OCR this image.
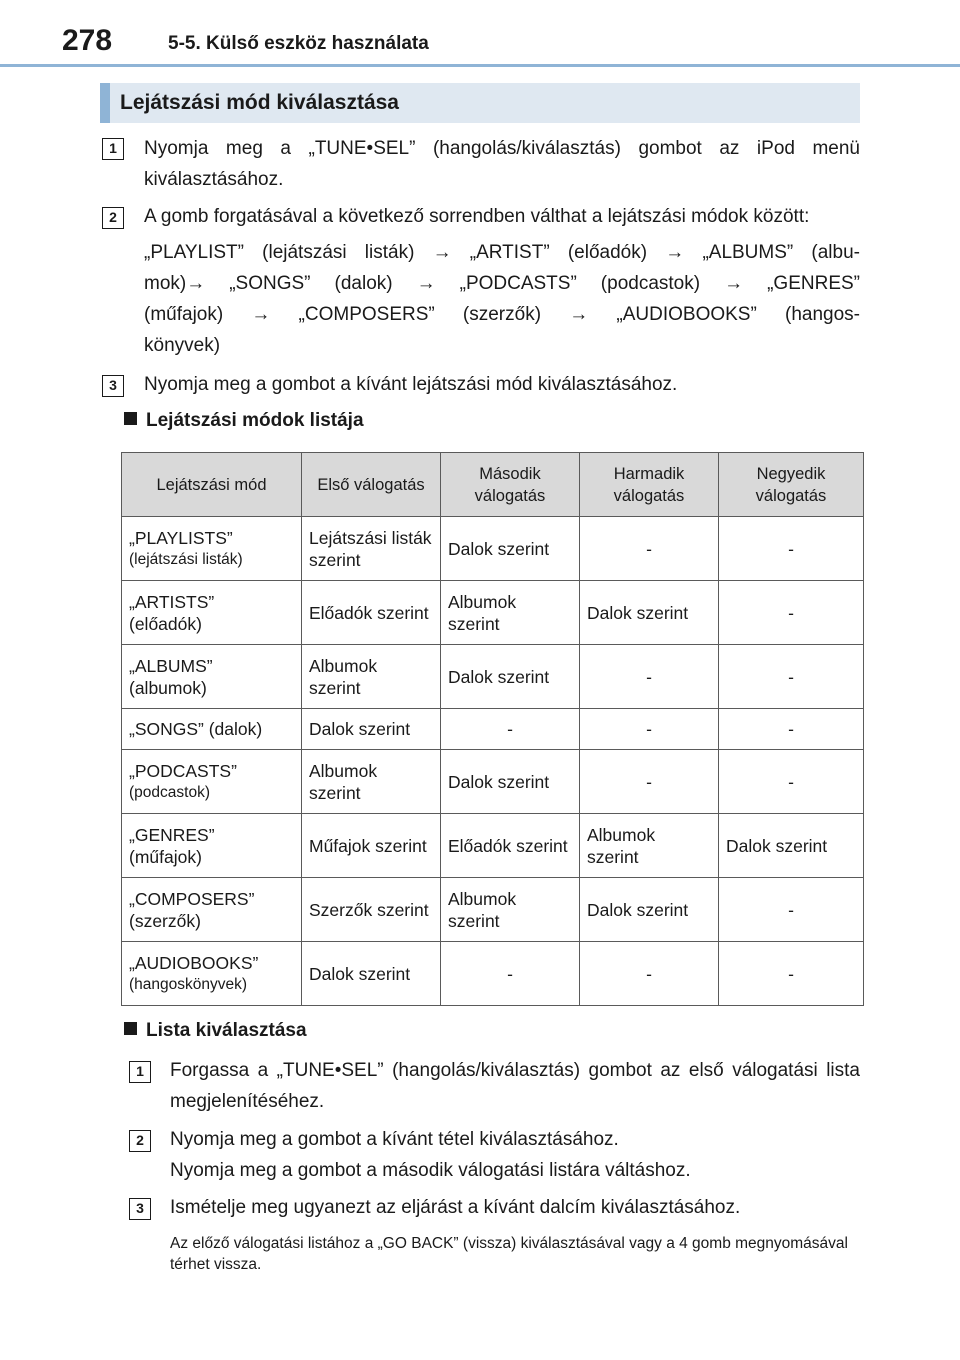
278	5-5. Külső eszköz használata
Lejátszási mód kiválasztása
1	Nyomja meg a „TUNE•SEL” (hangolás/kiválasztás) gombot az iPod menü kiválasztásához.
2	A gomb forgatásával a következő sorrendben válthat a lejátszási módok között:
„PLAYLIST” (lejátszási listák) → „ARTIST” (előadók) → „ALBUMS” (albu-
mok)→ „SONGS” (dalok) → „PODCASTS” (podcastok) → „GENRES”
(műfajok) → „COMPOSERS” (szerzők) → „AUDIOBOOKS” (hangos-
könyvek)
3	Nyomja meg a gombot a kívánt lejátszási mód kiválasztásához.
Lejátszási módok listája
Lejátszási mód	Első válogatás	Második válogatás	Harmadik válogatás	Negyedik válogatás

„PLAYLISTS”
(lejátszási listák)	Lejátszási listák szerint	Dalok szerint	-	-

„ARTISTS”
(előadók)	Előadók szerint	Albumok szerint	Dalok szerint	-

„ALBUMS”
(albumok)	Albumok szerint	Dalok szerint	-	-

„SONGS” (dalok)	Dalok szerint	-	-	-

„PODCASTS”
(podcastok)	Albumok szerint	Dalok szerint	-	-

„GENRES”
(műfajok)	Műfajok szerint	Előadók szerint	Albumok szerint	Dalok szerint

„COMPOSERS”
(szerzők)	Szerzők szerint	Albumok szerint	Dalok szerint	-

„AUDIOBOOKS”
(hangoskönyvek)	Dalok szerint	-	-	-
Lista kiválasztása
1	Forgassa a „TUNE•SEL” (hangolás/kiválasztás) gombot az első válogatási lista megjelenítéséhez.
2	Nyomja meg a gombot a kívánt tétel kiválasztásához.
Nyomja meg a gombot a második válogatási listára váltáshoz.
3	Ismételje meg ugyanezt az eljárást a kívánt dalcím kiválasztásához.
Az előző válogatási listához a „GO BACK” (vissza) kiválasztásával vagy a 4 gomb megnyomásával térhet vissza.
